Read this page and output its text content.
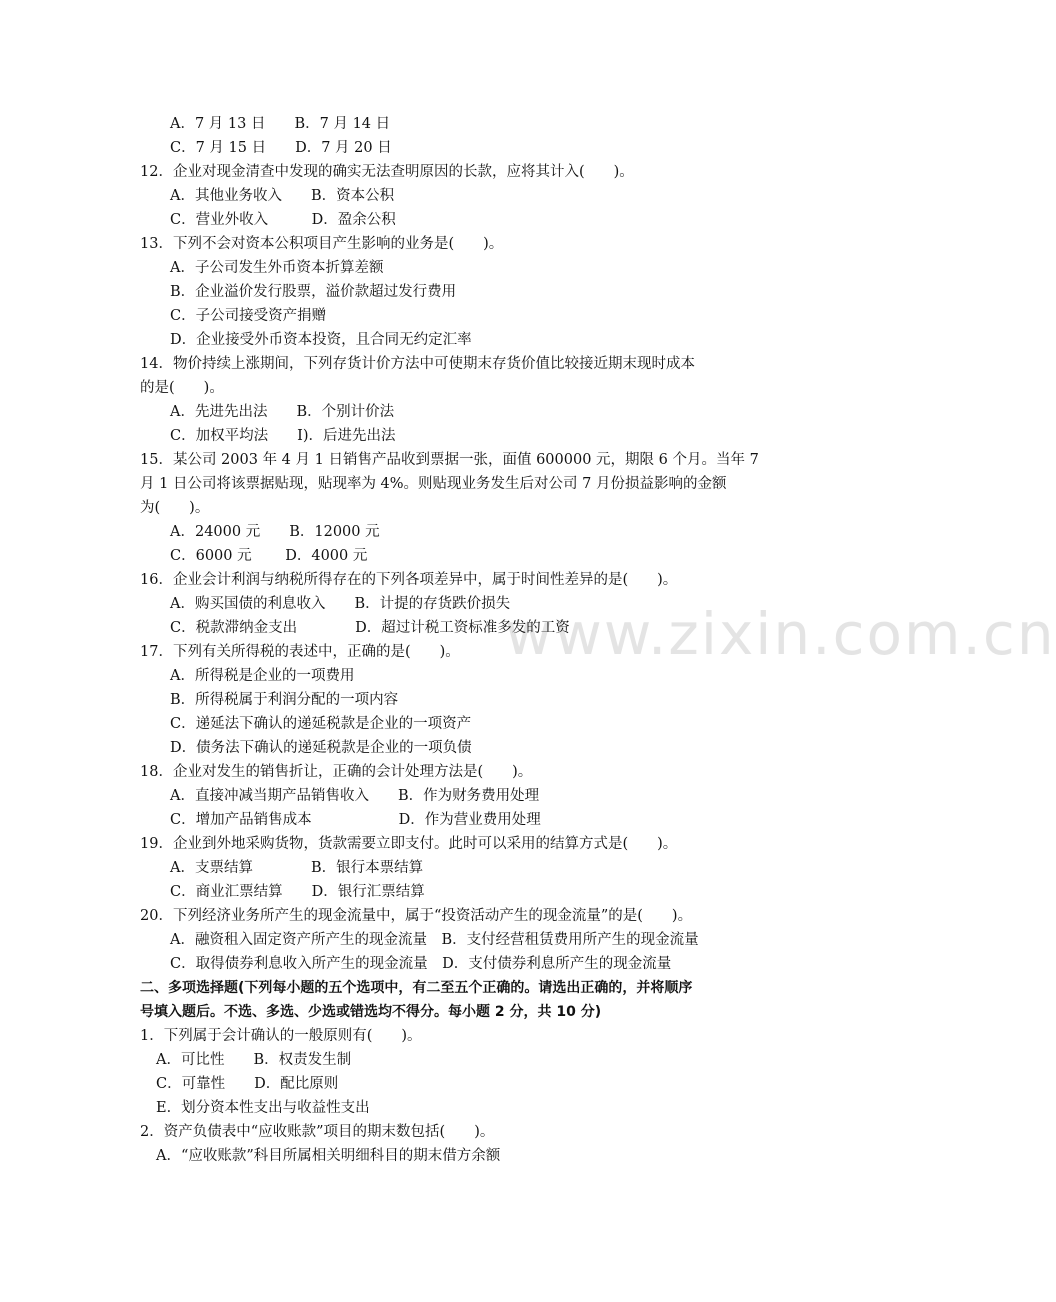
www.zixin.com.cn
A．7 月 13 日　　B．7 月 14 日
C．7 月 15 日　　D．7 月 20 日
12．企业对现金清查中发现的确实无法查明原因的长款，应将其计入(　　)。
A．其他业务收入　　B．资本公积
C．营业外收入　　　D．盈余公积
13．下列不会对资本公积项目产生影响的业务是(　　)。
A．子公司发生外币资本折算差额
B．企业溢价发行股票，溢价款超过发行费用
C．子公司接受资产捐赠
D．企业接受外币资本投资，且合同无约定汇率
14．物价持续上涨期间，下列存货计价方法中可使期末存货价值比较接近期末现时成本
的是(　　)。
A．先进先出法　　B．个别计价法
C．加权平均法　　I)．后进先出法
15．某公司 2003 年 4 月 1 日销售产品收到票据一张，面值 600000 元，期限 6 个月。当年 7
月 1 日公司将该票据贴现，贴现率为 4%。则贴现业务发生后对公司 7 月份损益影响的金额
为(　　)。
A．24000 元　　B．12000 元
C．6000 元　　 D．4000 元
16．企业会计利润与纳税所得存在的下列各项差异中，属于时间性差异的是(　　)。
A．购买国债的利息收入　　B．计提的存货跌价损失
C．税款滞纳金支出　　　　D．超过计税工资标准多发的工资
17．下列有关所得税的表述中，正确的是(　　)。
A．所得税是企业的一项费用
B．所得税属于利润分配的一项内容
C．递延法下确认的递延税款是企业的一项资产
D．债务法下确认的递延税款是企业的一项负债
18．企业对发生的销售折让，正确的会计处理方法是(　　)。
A．直接冲减当期产品销售收入　　B．作为财务费用处理
C．增加产品销售成本　　　　　　D．作为营业费用处理
19．企业到外地采购货物，货款需要立即支付。此时可以采用的结算方式是(　　)。
A．支票结算　　　　B．银行本票结算
C．商业汇票结算　　D．银行汇票结算
20．下列经济业务所产生的现金流量中，属于“投资活动产生的现金流量”的是(　　)。
A．融资租入固定资产所产生的现金流量　B．支付经营租赁费用所产生的现金流量
C．取得债券利息收入所产生的现金流量　D．支付债券利息所产生的现金流量
二、多项选择题(下列每小题的五个选项中，有二至五个正确的。请选出正确的，并将顺序
号填入题后。不选、多选、少选或错选均不得分。每小题 2 分，共 10 分)
1．下列属于会计确认的一般原则有(　　)。
A．可比性　　B．权责发生制
C．可靠性　　D．配比原则
E．划分资本性支出与收益性支出
2．资产负债表中“应收账款”项目的期末数包括(　　)。
A．“应收账款”科目所属相关明细科目的期末借方余额
